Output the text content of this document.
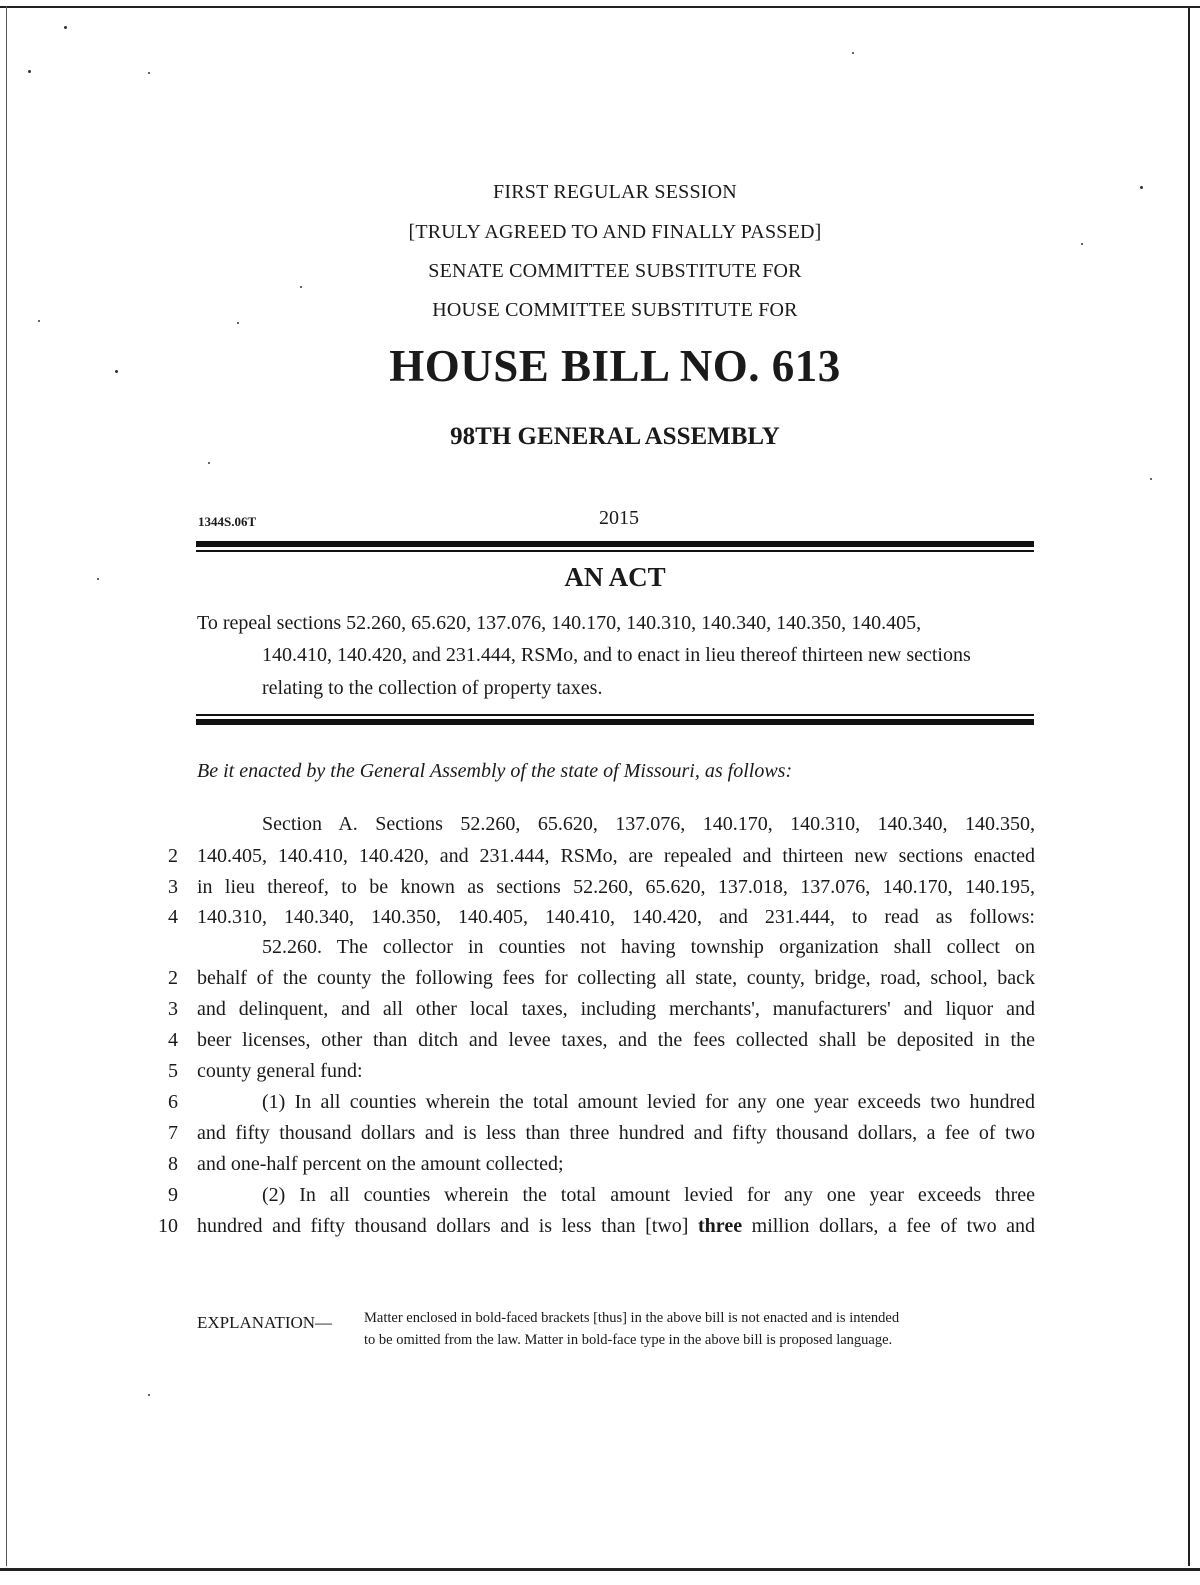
FIRST REGULAR SESSION
[TRULY AGREED TO AND FINALLY PASSED]
SENATE COMMITTEE SUBSTITUTE FOR
HOUSE COMMITTEE SUBSTITUTE FOR
HOUSE BILL NO. 613
98TH GENERAL ASSEMBLY
1344S.06T	2015
AN ACT
To repeal sections 52.260, 65.620, 137.076, 140.170, 140.310, 140.340, 140.350, 140.405,
140.410, 140.420, and 231.444, RSMo, and to enact in lieu thereof thirteen new sections
relating to the collection of property taxes.
Be it enacted by the General Assembly of the state of Missouri, as follows:
Section A. Sections 52.260, 65.620, 137.076, 140.170, 140.310, 140.340, 140.350,
2 140.405, 140.410, 140.420, and 231.444, RSMo, are repealed and thirteen new sections enacted
3 in lieu thereof, to be known as sections 52.260, 65.620, 137.018, 137.076, 140.170, 140.195,
4 140.310, 140.340, 140.350, 140.405, 140.410, 140.420, and 231.444, to read as follows:
52.260. The collector in counties not having township organization shall collect on
2 behalf of the county the following fees for collecting all state, county, bridge, road, school, back
3 and delinquent, and all other local taxes, including merchants', manufacturers' and liquor and
4 beer licenses, other than ditch and levee taxes, and the fees collected shall be deposited in the
5 county general fund:
6	(1) In all counties wherein the total amount levied for any one year exceeds two hundred
7 and fifty thousand dollars and is less than three hundred and fifty thousand dollars, a fee of two
8 and one-half percent on the amount collected;
9	(2) In all counties wherein the total amount levied for any one year exceeds three
10 hundred and fifty thousand dollars and is less than [two] three million dollars, a fee of two and
EXPLANATION— Matter enclosed in bold-faced brackets [thus] in the above bill is not enacted and is intended
to be omitted from the law. Matter in bold-face type in the above bill is proposed language.
